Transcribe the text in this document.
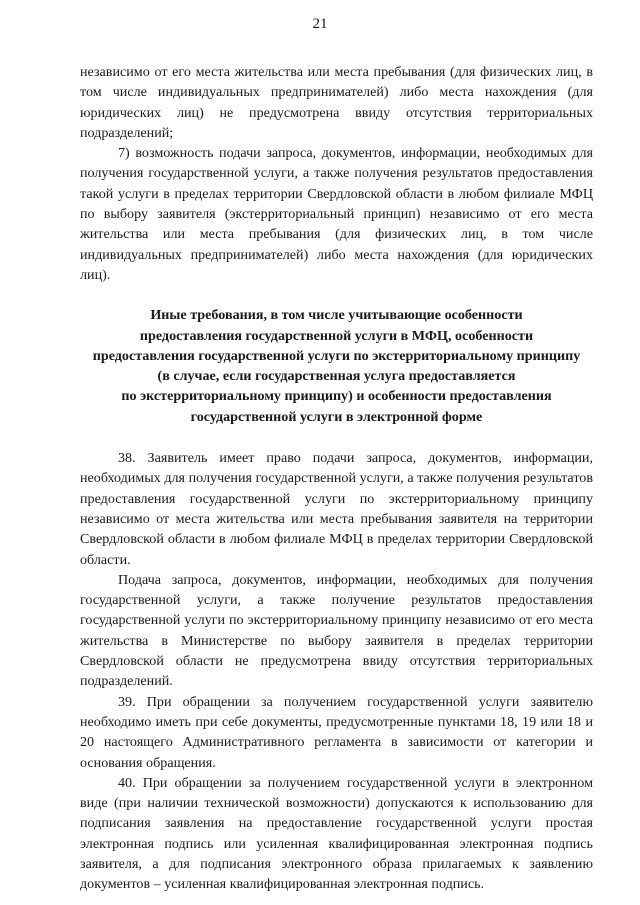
21

независимо от его места жительства или места пребывания (для физических лиц, в том числе индивидуальных предпринимателей) либо места нахождения (для юридических лиц) не предусмотрена ввиду отсутствия территориальных подразделений;

7) возможность подачи запроса, документов, информации, необходимых для получения государственной услуги, а также получения результатов предоставления такой услуги в пределах территории Свердловской области в любом филиале МФЦ по выбору заявителя (экстерриториальный принцип) независимо от его места жительства или места пребывания (для физических лиц, в том числе индивидуальных предпринимателей) либо места нахождения (для юридических лиц).

Иные требования, в том числе учитывающие особенности
предоставления государственной услуги в МФЦ, особенности
предоставления государственной услуги по экстерриториальному принципу
(в случае, если государственная услуга предоставляется
по экстерриториальному принципу) и особенности предоставления
государственной услуги в электронной форме

38. Заявитель имеет право подачи запроса, документов, информации, необходимых для получения государственной услуги, а также получения результатов предоставления государственной услуги по экстерриториальному принципу независимо от места жительства или места пребывания заявителя на территории Свердловской области в любом филиале МФЦ в пределах территории Свердловской области.

Подача запроса, документов, информации, необходимых для получения государственной услуги, а также получение результатов предоставления государственной услуги по экстерриториальному принципу независимо от его места жительства в Министерстве по выбору заявителя в пределах территории Свердловской области не предусмотрена ввиду отсутствия территориальных подразделений.

39. При обращении за получением государственной услуги заявителю необходимо иметь при себе документы, предусмотренные пунктами 18, 19 или 18 и 20 настоящего Административного регламента в зависимости от категории и основания обращения.

40. При обращении за получением государственной услуги в электронном виде (при наличии технической возможности) допускаются к использованию для подписания заявления на предоставление государственной услуги простая электронная подпись или усиленная квалифицированная электронная подпись заявителя, а для подписания электронного образа прилагаемых к заявлению документов – усиленная квалифицированная электронная подпись.
